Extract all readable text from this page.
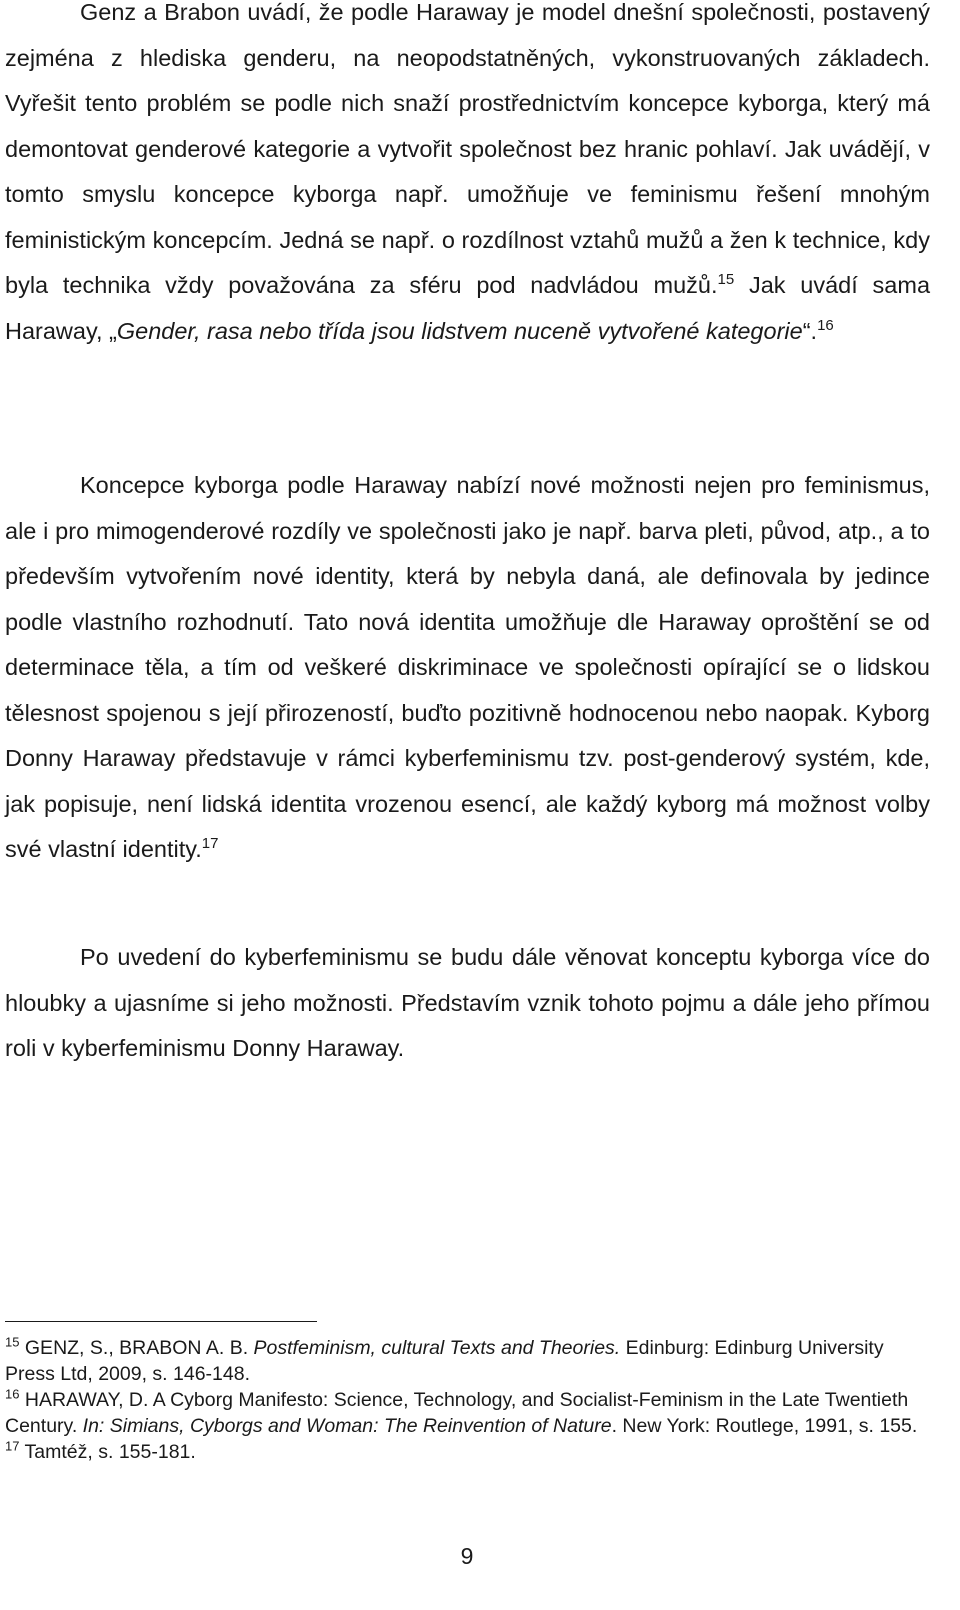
Genz a Brabon uvádí, že podle Haraway je model dnešní společnosti, postavený zejména z hlediska genderu, na neopodstatněných, vykonstruovaných základech. Vyřešit tento problém se podle nich snaží prostřednictvím koncepce kyborga, který má demontovat genderové kategorie a vytvořit společnost bez hranic pohlaví. Jak uvádějí, v tomto smyslu koncepce kyborga např. umožňuje ve feminismu řešení mnohým feministickým koncepcím. Jedná se např. o rozdílnost vztahů mužů a žen k technice, kdy byla technika vždy považována za sféru pod nadvládou mužů.$^{15}$ Jak uvádí sama Haraway, „Gender, rasa nebo třída jsou lidstvem nuceně vytvořené kategorie“.$^{16}$

Koncepce kyborga podle Haraway nabízí nové možnosti nejen pro feminismus, ale i pro mimogenderové rozdíly ve společnosti jako je např. barva pleti, původ, atp., a to především vytvořením nové identity, která by nebyla daná, ale definovala by jedince podle vlastního rozhodnutí. Tato nová identita umožňuje dle Haraway oproštění se od determinace těla, a tím od veškeré diskriminace ve společnosti opírající se o lidskou tělesnost spojenou s její přirozeností, buďto pozitivně hodnocenou nebo naopak. Kyborg Donny Haraway představuje v rámci kyberfeminismu tzv. post-genderový systém, kde, jak popisuje, není lidská identita vrozenou esencí, ale každý kyborg má možnost volby své vlastní identity.$^{17}$

Po uvedení do kyberfeminismu se budu dále věnovat konceptu kyborga více do hloubky a ujasníme si jeho možnosti. Představím vznik tohoto pojmu a dále jeho přímou roli v kyberfeminismu Donny Haraway.

$^{15}$ GENZ, S., BRABON A. B. Postfeminism, cultural Texts and Theories. Edinburg: Edinburg University Press Ltd, 2009, s. 146-148.

$^{16}$ HARAWAY, D. A Cyborg Manifesto: Science, Technology, and Socialist-Feminism in the Late Twentieth Century. In: Simians, Cyborgs and Woman: The Reinvention of Nature. New York: Routlege, 1991, s. 155.

$^{17}$ Tamtéž, s. 155-181.

9
